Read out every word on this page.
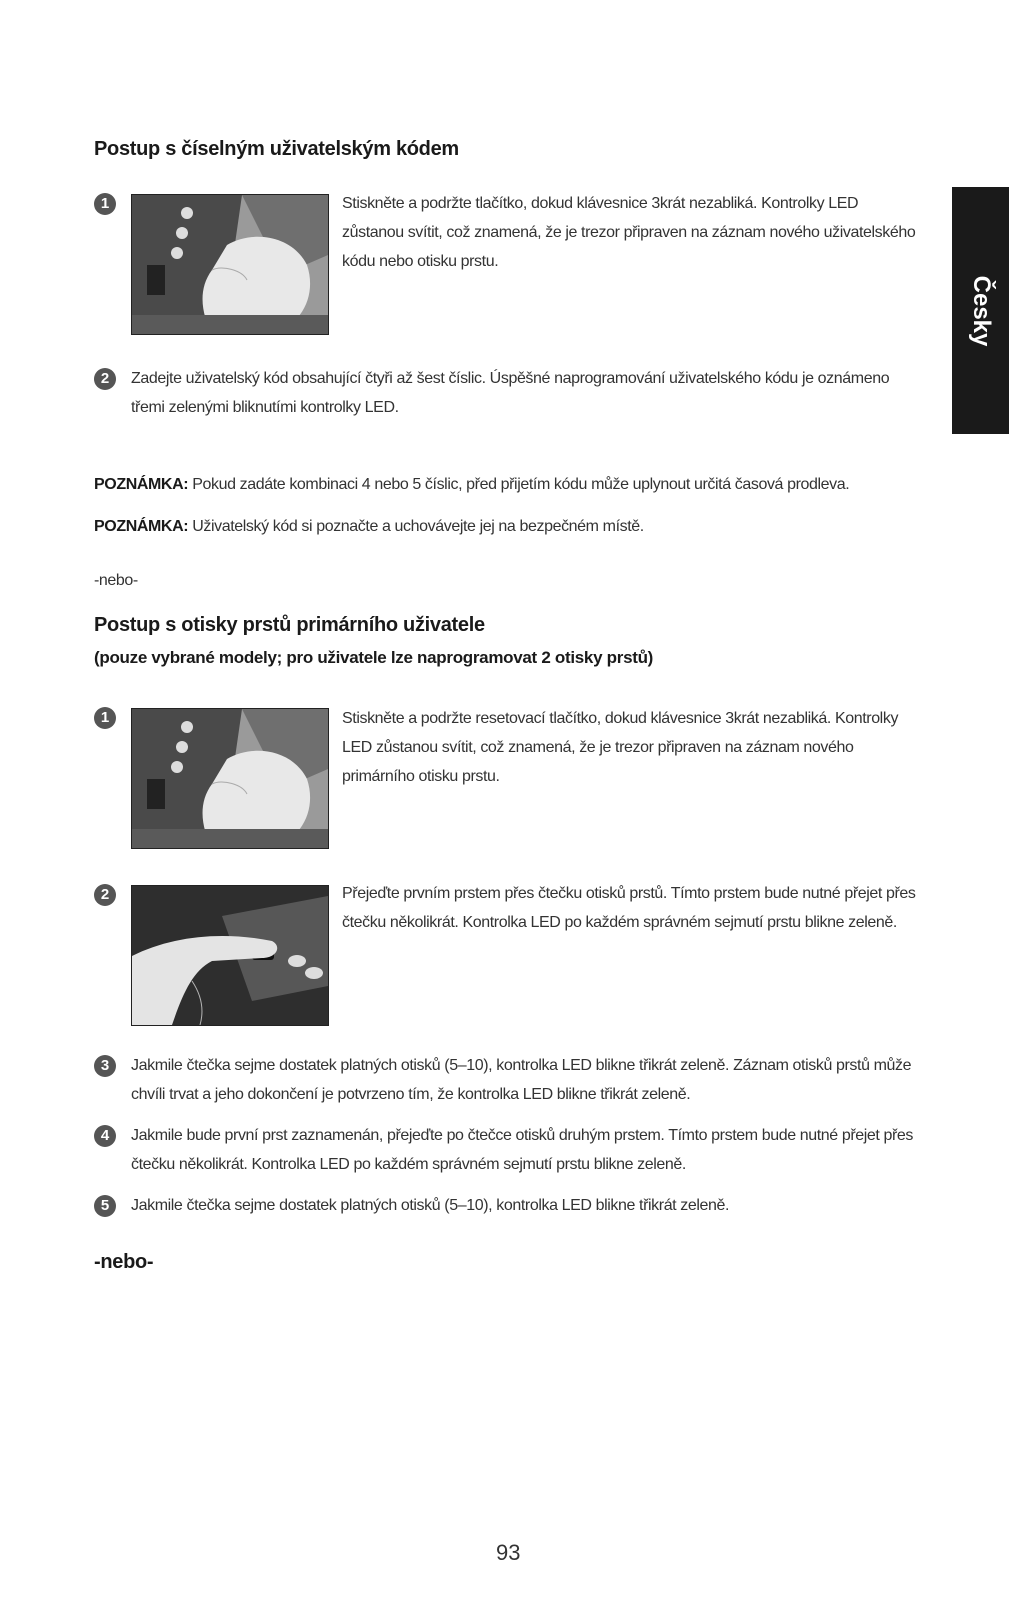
Česky
Postup s číselným uživatelským kódem
1	Stiskněte a podržte tlačítko, dokud klávesnice 3krát nezabliká. Kontrolky LED zůstanou svítit, což znamená, že je trezor připraven na záznam nového uživatelského kódu nebo otisku prstu.
2	Zadejte uživatelský kód obsahující čtyři až šest číslic. Úspěšné naprogramování uživatelského kódu je oznámeno třemi zelenými bliknutími kontrolky LED.
POZNÁMKA: Pokud zadáte kombinaci 4 nebo 5 číslic, před přijetím kódu může uplynout určitá časová prodleva.
POZNÁMKA: Uživatelský kód si poznačte a uchovávejte jej na bezpečném místě.
-nebo-
Postup s otisky prstů primárního uživatele
(pouze vybrané modely; pro uživatele lze naprogramovat 2 otisky prstů)
1	Stiskněte a podržte resetovací tlačítko, dokud klávesnice 3krát nezabliká. Kontrolky LED zůstanou svítit, což znamená, že je trezor připraven na záznam nového primárního otisku prstu.
2	Přejeďte prvním prstem přes čtečku otisků prstů. Tímto prstem bude nutné přejet přes čtečku několikrát. Kontrolka LED po každém správném sejmutí prstu blikne zeleně.
3	Jakmile čtečka sejme dostatek platných otisků (5–10), kontrolka LED blikne třikrát zeleně. Záznam otisků prstů může chvíli trvat a jeho dokončení je potvrzeno tím, že kontrolka LED blikne třikrát zeleně.
4	Jakmile bude první prst zaznamenán, přejeďte po čtečce otisků druhým prstem. Tímto prstem bude nutné přejet přes čtečku několikrát. Kontrolka LED po každém správném sejmutí prstu blikne zeleně.
5	Jakmile čtečka sejme dostatek platných otisků (5–10), kontrolka LED blikne třikrát zeleně.
-nebo-
93
